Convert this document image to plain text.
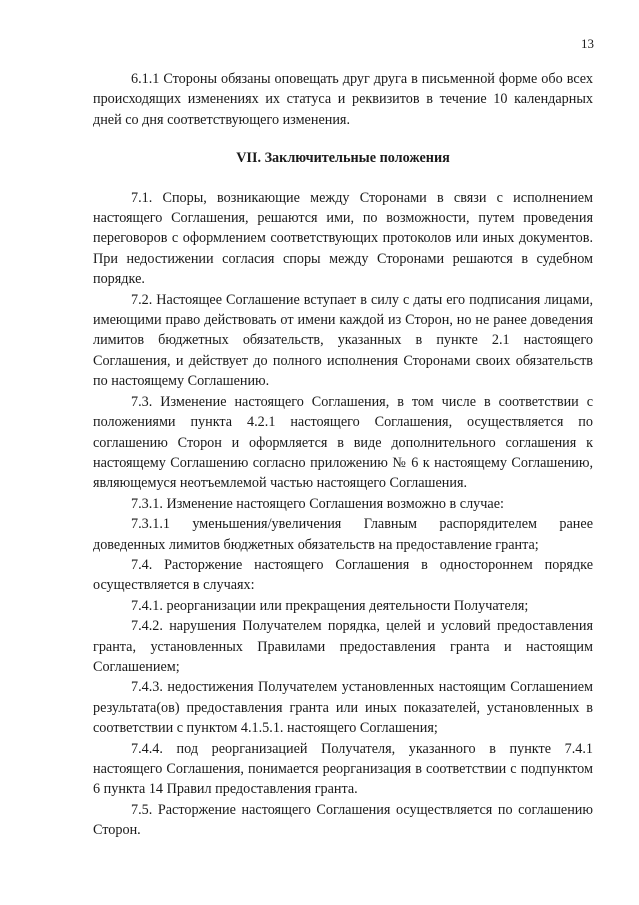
13

6.1.1 Стороны обязаны оповещать друг друга в письменной форме обо всех происходящих изменениях их статуса и реквизитов в течение 10 календарных дней со дня соответствующего изменения.

VII. Заключительные положения

7.1. Споры, возникающие между Сторонами в связи с исполнением настоящего Соглашения, решаются ими, по возможности, путем проведения переговоров с оформлением соответствующих протоколов или иных документов. При недостижении согласия споры между Сторонами решаются в судебном порядке.

7.2. Настоящее Соглашение вступает в силу с даты его подписания лицами, имеющими право действовать от имени каждой из Сторон, но не ранее доведения лимитов бюджетных обязательств, указанных в пункте 2.1 настоящего Соглашения, и действует до полного исполнения Сторонами своих обязательств по настоящему Соглашению.

7.3. Изменение настоящего Соглашения, в том числе в соответствии с положениями пункта 4.2.1 настоящего Соглашения, осуществляется по соглашению Сторон и оформляется в виде дополнительного соглашения к настоящему Соглашению согласно приложению № 6 к настоящему Соглашению, являющемуся неотъемлемой частью настоящего Соглашения.

7.3.1. Изменение настоящего Соглашения возможно в случае:

7.3.1.1 уменьшения/увеличения Главным распорядителем ранее доведенных лимитов бюджетных обязательств на предоставление гранта;

7.4. Расторжение настоящего Соглашения в одностороннем порядке осуществляется в случаях:

7.4.1. реорганизации или прекращения деятельности Получателя;

7.4.2. нарушения Получателем порядка, целей и условий предоставления гранта, установленных Правилами предоставления гранта и настоящим Соглашением;

7.4.3. недостижения Получателем установленных настоящим Соглашением результата(ов) предоставления гранта или иных показателей, установленных в соответствии с пунктом 4.1.5.1. настоящего Соглашения;

7.4.4. под реорганизацией Получателя, указанного в пункте 7.4.1 настоящего Соглашения, понимается реорганизация в соответствии с подпунктом 6 пункта 14 Правил предоставления гранта.

7.5. Расторжение настоящего Соглашения осуществляется по соглашению Сторон.
